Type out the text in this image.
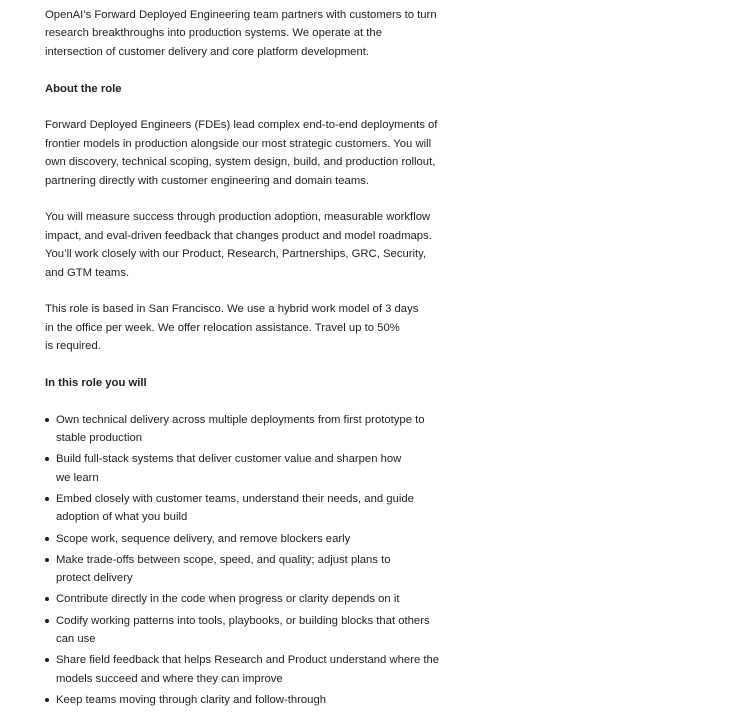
OpenAI’s Forward Deployed Engineering team partners with customers to turn
research breakthroughs into production systems. We operate at the
intersection of customer delivery and core platform development.

About the role

Forward Deployed Engineers (FDEs) lead complex end-to-end deployments of
frontier models in production alongside our most strategic customers. You will
own discovery, technical scoping, system design, build, and production rollout,
partnering directly with customer engineering and domain teams.

You will measure success through production adoption, measurable workflow
impact, and eval-driven feedback that changes product and model roadmaps.
You’ll work closely with our Product, Research, Partnerships, GRC, Security,
and GTM teams.

This role is based in San Francisco. We use a hybrid work model of 3 days
in the office per week. We offer relocation assistance. Travel up to 50%
is required.

In this role you will
Own technical delivery across multiple deployments from first prototype to
stable production
Build full-stack systems that deliver customer value and sharpen how
we learn
Embed closely with customer teams, understand their needs, and guide
adoption of what you build
Scope work, sequence delivery, and remove blockers early
Make trade-offs between scope, speed, and quality; adjust plans to
protect delivery
Contribute directly in the code when progress or clarity depends on it
Codify working patterns into tools, playbooks, or building blocks that others
can use
Share field feedback that helps Research and Product understand where the
models succeed and where they can improve
Keep teams moving through clarity and follow-through
